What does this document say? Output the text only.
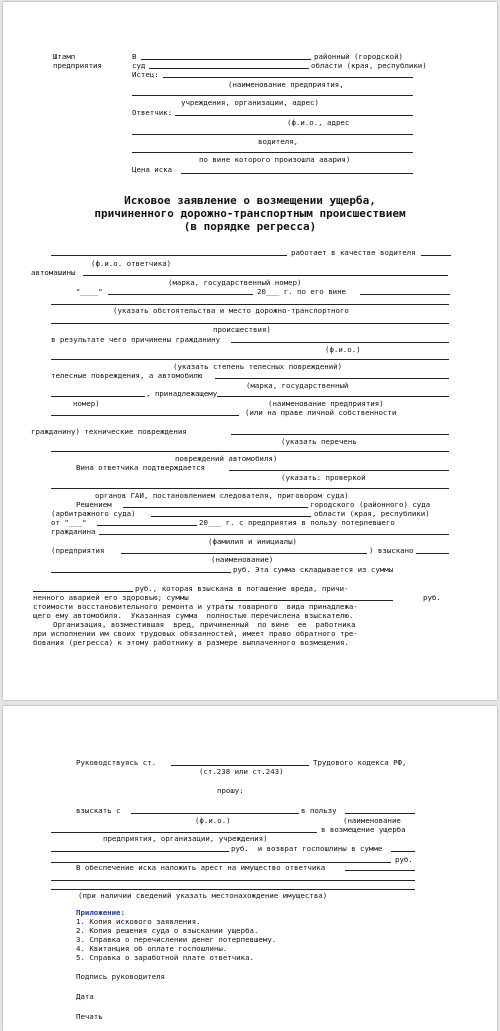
Штамп
предприятия
В	районный (городской)
суд	области (края, республики)
Истец:
(наименование предприятия,
учреждения, организации, адрес)
Ответчик:
(ф.и.о., адрес
водителя,
по вине которого произошла авария)
Цена иска
Исковое заявление о возмещении ущерба,
причиненного дорожно-транспортным происшествием
(в порядке регресса)
работает в качестве водителя
(ф.и.о. ответчика)
автомашины
(марка, государственный номер)
"____"	20___ г. по его вине
(указать обстоятельства и место дорожно-транспортного
происшествия)
в результате чего причинены гражданину
(ф.и.о.)
(указать степень телесных повреждений)
телесные повреждения, а автомобилю
(марка, государственный
, принадлежащему
номер)	(наименование предприятия)
(или на праве личной собственности
гражданину) технические повреждения
(указать перечень
повреждений автомобиля)
Вина ответчика подтверждается
(указать: проверкой
органов ГАИ, постановлением следователя, приговором суда)
Решением	городского (районного) суда
(арбитражного суда)	области (края, республики)
от "___"	20___ г. с предприятия в пользу потерпевшего
гражданина
(фамилия и инициалы)
(предприятия	) взыскано
(наименование)
руб. Эта сумма складывается из суммы
руб., которая взыскана в погашение вреда, причи-
ненного аварией его здоровью; суммы	руб.
стоимости восстановительного ремонта и утраты товарного  вида принадлежа-
щего ему автомобиля.  Указанная сумма  полностью перечислена взыскателю.
Организация, возместившая  вред, причиненный  по вине  ее  работника
при исполнении им своих трудовых обязанностей, имеет право обратного тре-
бования (регресса) к этому работнику в размере выплаченного возмещения.
Руководствуясь ст.	Трудового кодекса РФ,
(ст.238 или ст.243)
прошу:
взыскать с	в пользу
(ф.и.о.)	(наименование
в возмещение ущерба
предприятия, организации, учреждения)
руб.  и возврат госпошлины в сумме
руб.
В обеспечение иска наложить арест на имущество ответчика
(при наличии сведений указать местонахождение имущества)
Приложение:
1. Копия искового заявления.
2. Копия решения суда о взыскании ущерба.
3. Справка о перечислении денег потерпевшему.
4. Квитанция об оплате госпошлины.
5. Справка о заработной плате ответчика.
Подпись руководителя
Дата
Печать
